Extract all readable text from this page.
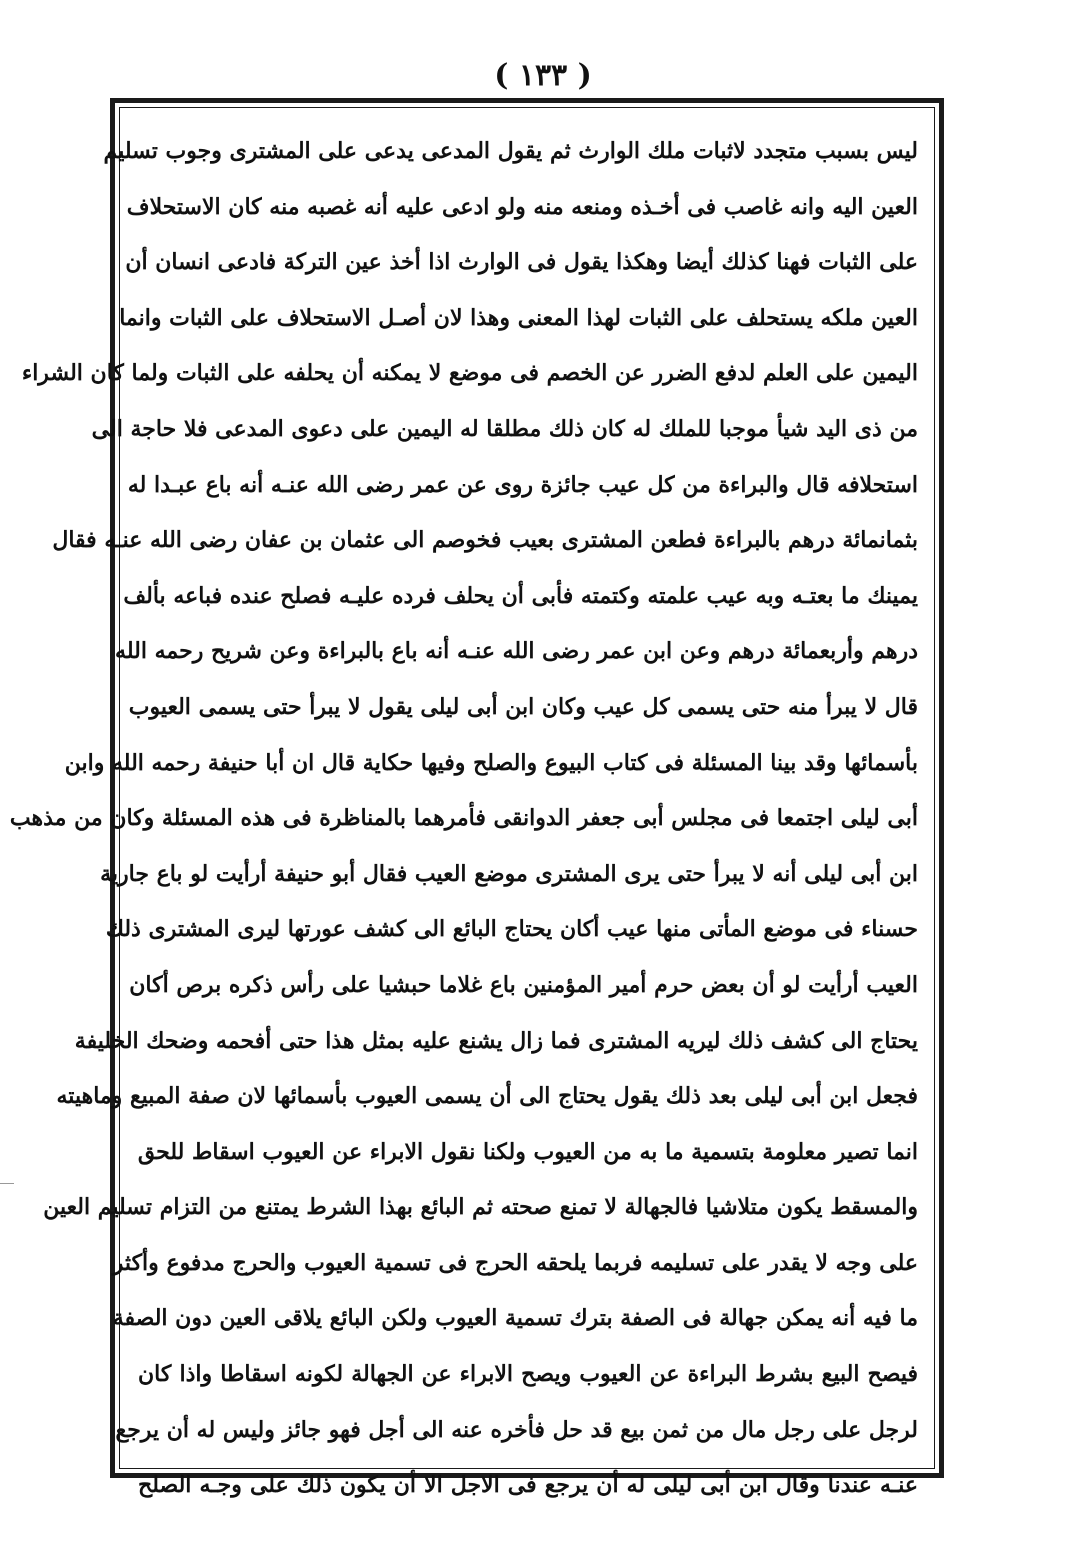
( ١٣٣ )
ليس بسبب متجدد لاثبات ملك الوارث ثم يقول المدعى يدعى على المشترى وجوب تسليم
العين اليه وانه غاصب فى أخـذه ومنعه منه ولو ادعى عليه أنه غصبه منه كان الاستحلاف
على الثبات فهنا كذلك أيضا وهكذا يقول فى الوارث اذا أخذ عين التركة فادعى انسان أن
العين ملكه يستحلف على الثبات لهذا المعنى وهذا لان أصـل الاستحلاف على الثبات وانما
اليمين على العلم لدفع الضرر عن الخصم فى موضع لا يمكنه أن يحلفه على الثبات ولما كان الشراء
من ذى اليد شيأ موجبا للملك له كان ذلك مطلقا له اليمين على دعوى المدعى فلا حاجة الى
استحلافه قال والبراءة من كل عيب جائزة روى عن عمر رضى الله عنـه أنه باع عبـدا له
بثمانمائة درهم بالبراءة فطعن المشترى بعيب فخوصم الى عثمان بن عفان رضى الله عنـه فقال
يمينك ما بعتـه وبه عيب علمته وكتمته فأبى أن يحلف فرده عليـه فصلح عنده فباعه بألف
درهم وأربعمائة درهم وعن ابن عمر رضى الله عنـه أنه باع بالبراءة وعن شريح رحمه الله
قال لا يبرأ منه حتى يسمى كل عيب وكان ابن أبى ليلى يقول لا يبرأ حتى يسمى العيوب
بأسمائها وقد بينا المسئلة فى كتاب البيوع والصلح وفيها حكاية قال ان أبا حنيفة رحمه الله وابن
أبى ليلى اجتمعا فى مجلس أبى جعفر الدوانقى فأمرهما بالمناظرة فى هذه المسئلة وكان من مذهب
ابن أبى ليلى أنه لا يبرأ حتى يرى المشترى موضع العيب فقال أبو حنيفة أرأيت لو باع جارية
حسناء فى موضع المأتى منها عيب أكان يحتاج البائع الى كشف عورتها ليرى المشترى ذلك
العيب أرأيت لو أن بعض حرم أمير المؤمنين باع غلاما حبشيا على رأس ذكره برص أكان
يحتاج الى كشف ذلك ليريه المشترى فما زال يشنع عليه بمثل هذا حتى أفحمه وضحك الخليفة
فجعل ابن أبى ليلى بعد ذلك يقول يحتاج الى أن يسمى العيوب بأسمائها لان صفة المبيع وماهيته
انما تصير معلومة بتسمية ما به من العيوب ولكنا نقول الابراء عن العيوب اسقاط للحق
والمسقط يكون متلاشيا فالجهالة لا تمنع صحته ثم البائع بهذا الشرط يمتنع من التزام تسليم العين
على وجه لا يقدر على تسليمه فربما يلحقه الحرج فى تسمية العيوب والحرج مدفوع وأكثر
ما فيه أنه يمكن جهالة فى الصفة بترك تسمية العيوب ولكن البائع يلاقى العين دون الصفة
فيصح البيع بشرط البراءة عن العيوب ويصح الابراء عن الجهالة لكونه اسقاطا واذا كان
لرجل على رجل مال من ثمن بيع قد حل فأخره عنه الى أجل فهو جائز وليس له أن يرجع
عنـه عندنا وقال ابن أبى ليلى له أن يرجع فى الاجل الا أن يكون ذلك على وجـه الصلح
